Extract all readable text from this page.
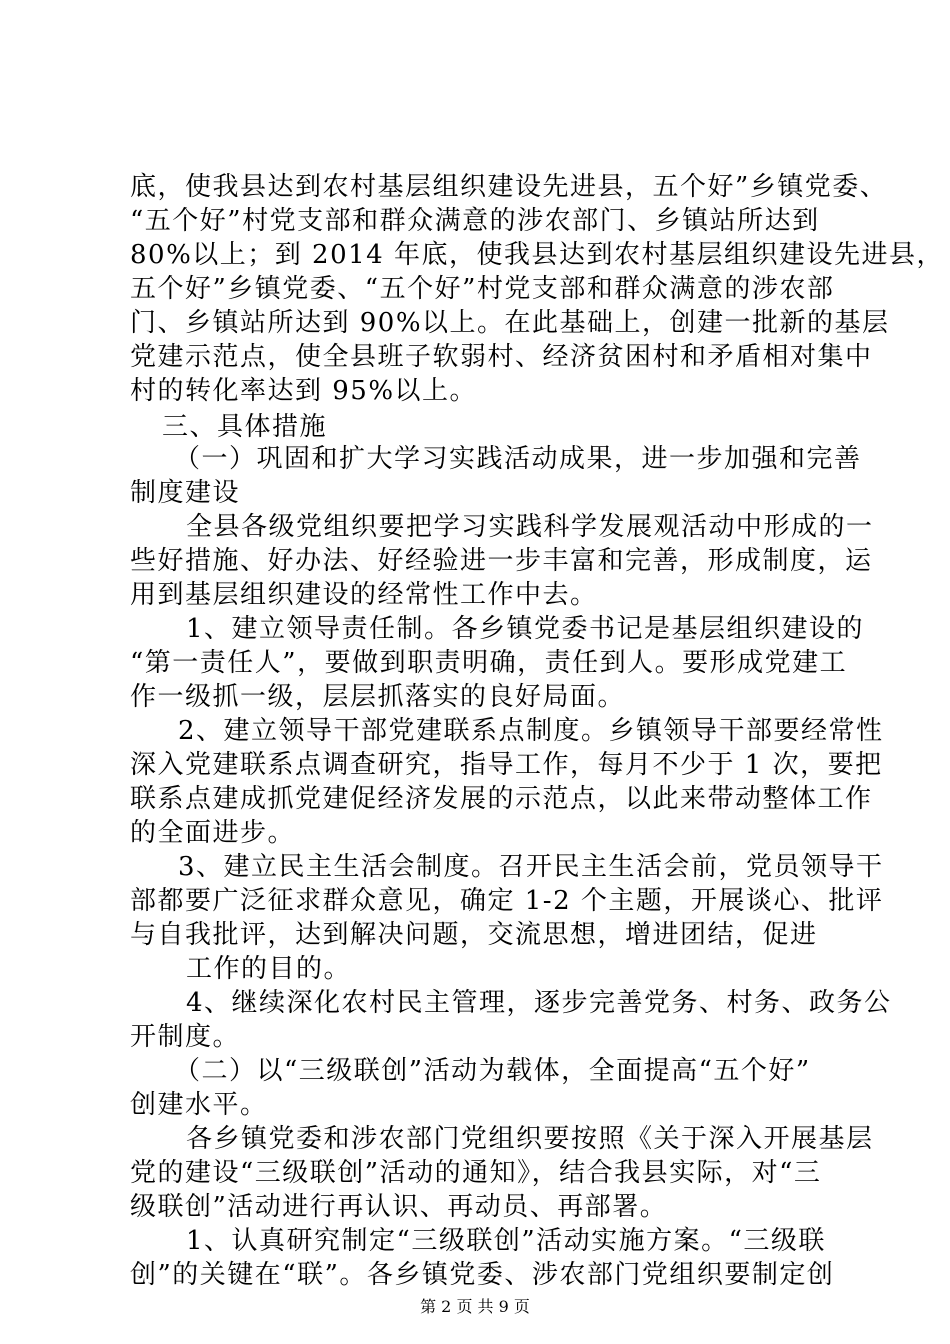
底，使我县达到农村基层组织建设先进县，五个好”乡镇党委、
“五个好”村党支部和群众满意的涉农部门、乡镇站所达到
80%以上；到 2014 年底，使我县达到农村基层组织建设先进县，
五个好”乡镇党委、“五个好”村党支部和群众满意的涉农部
门、乡镇站所达到 90%以上。在此基础上，创建一批新的基层
党建示范点，使全县班子软弱村、经济贫困村和矛盾相对集中
村的转化率达到 95%以上。
三、具体措施
（一）巩固和扩大学习实践活动成果，进一步加强和完善
制度建设
全县各级党组织要把学习实践科学发展观活动中形成的一
些好措施、好办法、好经验进一步丰富和完善，形成制度，运
用到基层组织建设的经常性工作中去。
1、建立领导责任制。各乡镇党委书记是基层组织建设的
“第一责任人”，要做到职责明确，责任到人。要形成党建工
作一级抓一级，层层抓落实的良好局面。
2、建立领导干部党建联系点制度。乡镇领导干部要经常性
深入党建联系点调查研究，指导工作，每月不少于 1 次，要把
联系点建成抓党建促经济发展的示范点，以此来带动整体工作
的全面进步。
3、建立民主生活会制度。召开民主生活会前，党员领导干
部都要广泛征求群众意见，确定 1-2 个主题，开展谈心、批评
与自我批评，达到解决问题，交流思想，增进团结，促进
工作的目的。
4、继续深化农村民主管理，逐步完善党务、村务、政务公
开制度。
（二）以“三级联创”活动为载体，全面提高“五个好”
创建水平。
各乡镇党委和涉农部门党组织要按照《关于深入开展基层
党的建设“三级联创”活动的通知》，结合我县实际，对“三
级联创”活动进行再认识、再动员、再部署。
1、认真研究制定“三级联创”活动实施方案。“三级联
创”的关键在“联”。各乡镇党委、涉农部门党组织要制定创
第 2 页 共 9 页
